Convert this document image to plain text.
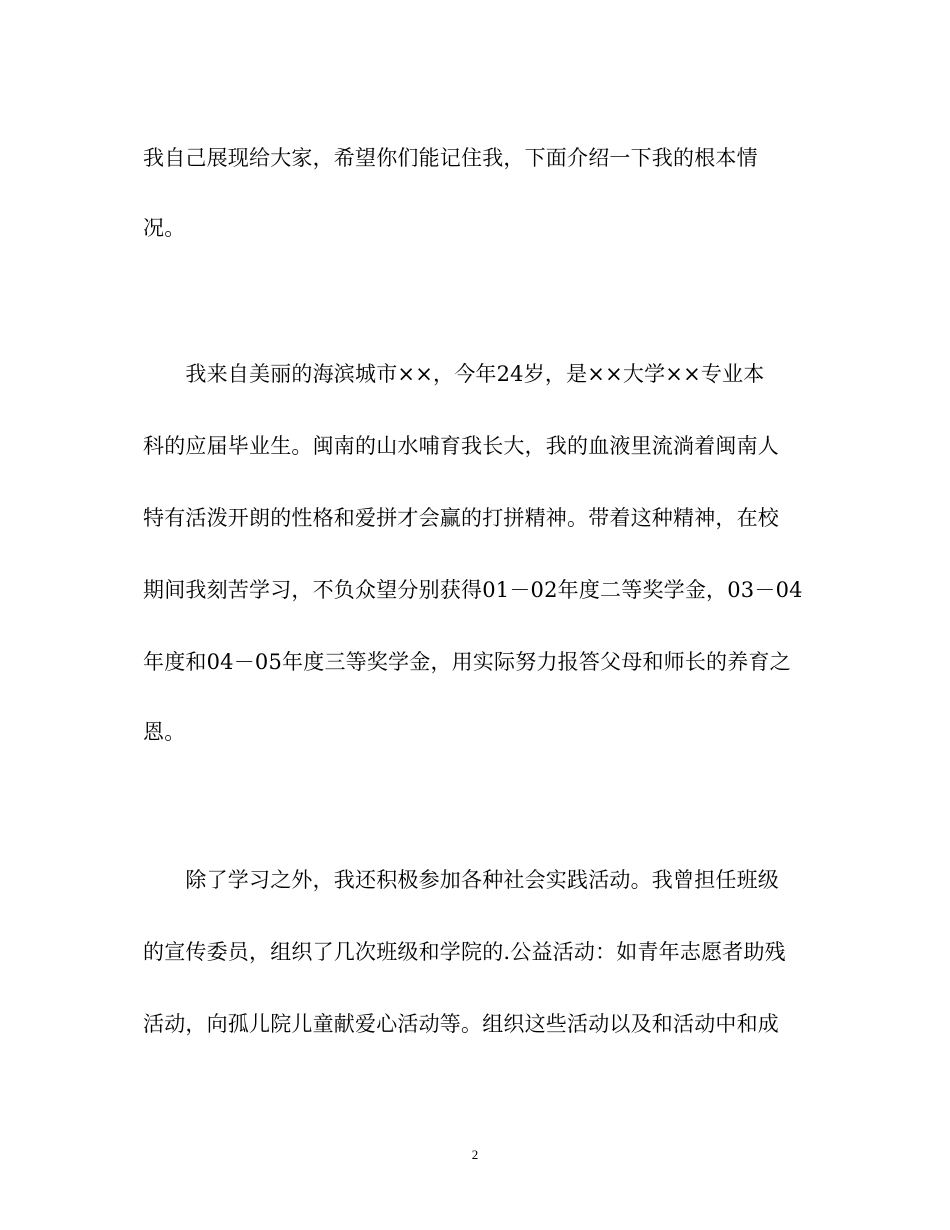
我自己展现给大家，希望你们能记住我，下面介绍一下我的根本情
况。
　　我来自美丽的海滨城市××，今年24岁，是××大学××专业本
科的应届毕业生。闽南的山水哺育我长大，我的血液里流淌着闽南人
特有活泼开朗的性格和爱拼才会赢的打拼精神。带着这种精神，在校
期间我刻苦学习，不负众望分别获得01－02年度二等奖学金，03－04
年度和04－05年度三等奖学金，用实际努力报答父母和师长的养育之
恩。
　　除了学习之外，我还积极参加各种社会实践活动。我曾担任班级
的宣传委员，组织了几次班级和学院的.公益活动：如青年志愿者助残
活动，向孤儿院儿童献爱心活动等。组织这些活动以及和活动中和成
2
